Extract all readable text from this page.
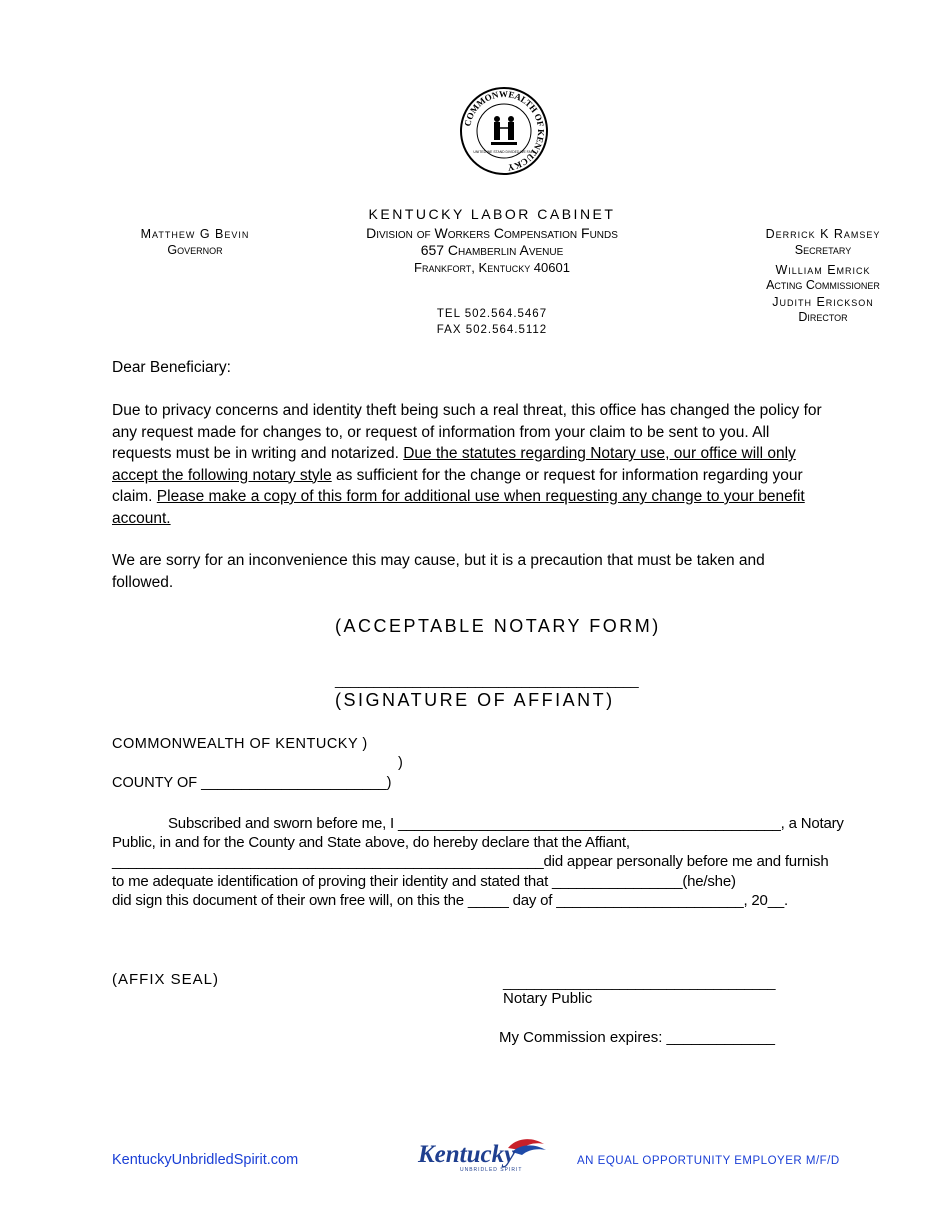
COMMONWEALTH OF KENTUCKY
UNITED WE STAND DIVIDED WE FALL
KENTUCKY LABOR CABINET
Division of Workers Compensation Funds
657 Chamberlin Avenue
Frankfort, Kentucky 40601
TEL 502.564.5467
FAX 502.564.5112
Matthew G Bevin
Governor
Derrick K Ramsey
Secretary
William Emrick
Acting Commissioner
Judith Erickson
Director
Dear Beneficiary:
Due to privacy concerns and identity theft being such a real threat, this office has changed the policy for any request made for changes to, or request of information from your claim to be sent to you. All requests must be in writing and notarized. Due the statutes regarding Notary use, our office will only accept the following notary style as sufficient for the change or request for information regarding your claim. Please make a copy of this form for additional use when requesting any change to your benefit account.
We are sorry for an inconvenience this may cause, but it is a precaution that must be taken and followed.
(ACCEPTABLE NOTARY FORM)
_______________________________________
(SIGNATURE OF AFFIANT)
COMMONWEALTH OF KENTUCKY )
)
COUNTY OF _______________________)
Subscribed and sworn before me, I _______________________________________________, a Notary
Public, in and for the County and State above, do hereby declare that the Affiant,
_____________________________________________________did appear personally before me and furnish
to me adequate identification of proving their identity and stated that ________________(he/she)
did sign this document of their own free will, on this the _____ day of _______________________, 20__.
(AFFIX SEAL)	___________________________________
Notary Public
My Commission expires: _____________
KentuckyUnbridledSpirit.com	Kentucky
UNBRIDLED SPIRIT
AN EQUAL OPPORTUNITY EMPLOYER M/F/D
